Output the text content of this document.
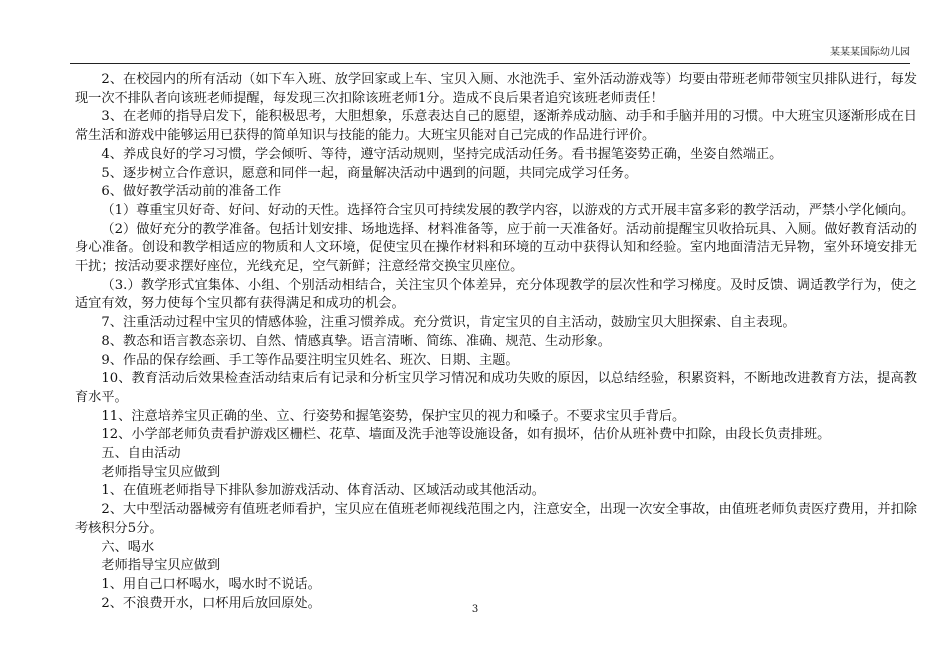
某某某国际幼儿园

2、在校园内的所有活动（如下车入班、放学回家或上车、宝贝入厕、水池洗手、室外活动游戏等）均要由带班老师带领宝贝排队进行，每发现一次不排队者向该班老师提醒，每发现三次扣除该班老师1分。造成不良后果者追究该班老师责任！

3、在老师的指导启发下，能积极思考，大胆想象，乐意表达自己的愿望，逐渐养成动脑、动手和手脑并用的习惯。中大班宝贝逐渐形成在日常生活和游戏中能够运用已获得的简单知识与技能的能力。大班宝贝能对自己完成的作品进行评价。

4、养成良好的学习习惯，学会倾听、等待，遵守活动规则，坚持完成活动任务。看书握笔姿势正确，坐姿自然端正。

5、逐步树立合作意识，愿意和同伴一起，商量解决活动中遇到的问题，共同完成学习任务。

6、做好教学活动前的准备工作

（1）尊重宝贝好奇、好问、好动的天性。选择符合宝贝可持续发展的教学内容，以游戏的方式开展丰富多彩的教学活动，严禁小学化倾向。

（2）做好充分的教学准备。包括计划安排、场地选择、材料准备等，应于前一天准备好。活动前提醒宝贝收拾玩具、入厕。做好教育活动的身心准备。创设和教学相适应的物质和人文环境，促使宝贝在操作材料和环境的互动中获得认知和经验。室内地面清洁无异物，室外环境安排无干扰；按活动要求摆好座位，光线充足，空气新鲜；注意经常交换宝贝座位。

（3.）教学形式宜集体、小组、个别活动相结合，关注宝贝个体差异，充分体现教学的层次性和学习梯度。及时反馈、调适教学行为，使之适宜有效，努力使每个宝贝都有获得满足和成功的机会。

7、注重活动过程中宝贝的情感体验，注重习惯养成。充分赏识，肯定宝贝的自主活动，鼓励宝贝大胆探索、自主表现。

8、教态和语言教态亲切、自然、情感真挚。语言清晰、简练、准确、规范、生动形象。

9、作品的保存绘画、手工等作品要注明宝贝姓名、班次、日期、主题。

10、教育活动后效果检查活动结束后有记录和分析宝贝学习情况和成功失败的原因，以总结经验，积累资料，不断地改进教育方法，提高教育水平。

11、注意培养宝贝正确的坐、立、行姿势和握笔姿势，保护宝贝的视力和嗓子。不要求宝贝手背后。

12、小学部老师负责看护游戏区栅栏、花草、墙面及洗手池等设施设备，如有损坏，估价从班补费中扣除，由段长负责排班。

五、自由活动

老师指导宝贝应做到

1、在值班老师指导下排队参加游戏活动、体育活动、区域活动或其他活动。

2、大中型活动器械旁有值班老师看护，宝贝应在值班老师视线范围之内，注意安全，出现一次安全事故，由值班老师负责医疗费用，并扣除考核积分5分。

六、喝水

老师指导宝贝应做到

1、用自己口杯喝水，喝水时不说话。

2、不浪费开水，口杯用后放回原处。	3
